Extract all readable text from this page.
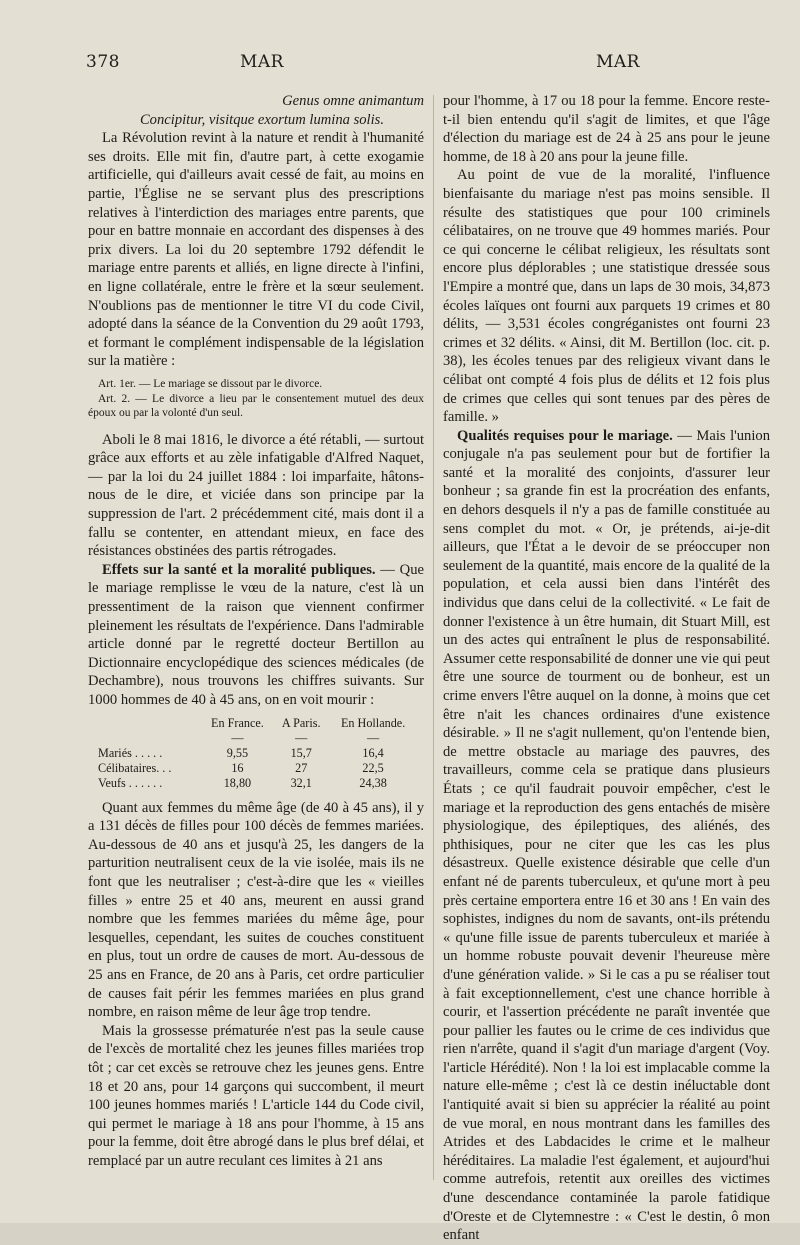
378	MAR	MAR

Genus omne animantum

Concipitur, visitque exortum lumina solis.

La Révolution revint à la nature et rendit à l'humanité ses droits. Elle mit fin, d'autre part, à cette exogamie artificielle, qui d'ailleurs avait cessé de fait, au moins en partie, l'Église ne se servant plus des prescriptions relatives à l'interdiction des mariages entre parents, que pour en battre monnaie en accordant des dispenses à des prix divers. La loi du 20 septembre 1792 défendit le mariage entre parents et alliés, en ligne directe à l'infini, en ligne collatérale, entre le frère et la sœur seulement. N'oublions pas de mentionner le titre VI du code Civil, adopté dans la séance de la Convention du 29 août 1793, et formant le complément indispensable de la législation sur la matière :

Art. 1er. — Le mariage se dissout par le divorce.

Art. 2. — Le divorce a lieu par le consentement mutuel des deux époux ou par la volonté d'un seul.

Aboli le 8 mai 1816, le divorce a été rétabli, — surtout grâce aux efforts et au zèle infatigable d'Alfred Naquet, — par la loi du 24 juillet 1884 : loi imparfaite, hâtons-nous de le dire, et viciée dans son principe par la suppression de l'art. 2 précédemment cité, mais dont il a fallu se contenter, en attendant mieux, en face des résistances obstinées des partis rétrogades.

Effets sur la santé et la moralité publiques. — Que le mariage remplisse le vœu de la nature, c'est là un pressentiment de la raison que viennent confirmer pleinement les résultats de l'expérience. Dans l'admirable article donné par le regretté docteur Bertillon au Dictionnaire encyclopédique des sciences médicales (de Dechambre), nous trouvons les chiffres suivants. Sur 1000 hommes de 40 à 45 ans, on en voit mourir :

	En France.	A Paris.	En Hollande.
	—	—	—
Mariés . . . . .	9,55	15,7	16,4
Célibataires. . .	16	27	22,5
Veufs . . . . . .	18,80	32,1	24,38

Quant aux femmes du même âge (de 40 à 45 ans), il y a 131 décès de filles pour 100 décès de femmes mariées. Au-dessous de 40 ans et jusqu'à 25, les dangers de la parturition neutralisent ceux de la vie isolée, mais ils ne font que les neutraliser ; c'est-à-dire que les « vieilles filles » entre 25 et 40 ans, meurent en aussi grand nombre que les femmes mariées du même âge, pour lesquelles, cependant, les suites de couches constituent en plus, tout un ordre de causes de mort. Au-dessous de 25 ans en France, de 20 ans à Paris, cet ordre particulier de causes fait périr les femmes mariées en plus grand nombre, en raison même de leur âge trop tendre.

Mais la grossesse prématurée n'est pas la seule cause de l'excès de mortalité chez les jeunes filles mariées trop tôt ; car cet excès se retrouve chez les jeunes gens. Entre 18 et 20 ans, pour 14 garçons qui succombent, il meurt 100 jeunes hommes mariés ! L'article 144 du Code civil, qui permet le mariage à 18 ans pour l'homme, à 15 ans pour la femme, doit être abrogé dans le plus bref délai, et remplacé par un autre reculant ces limites à 21 ans

pour l'homme, à 17 ou 18 pour la femme. Encore reste-t-il bien entendu qu'il s'agit de limites, et que l'âge d'élection du mariage est de 24 à 25 ans pour le jeune homme, de 18 à 20 ans pour la jeune fille.

Au point de vue de la moralité, l'influence bienfaisante du mariage n'est pas moins sensible. Il résulte des statistiques que pour 100 criminels célibataires, on ne trouve que 49 hommes mariés. Pour ce qui concerne le célibat religieux, les résultats sont encore plus déplorables ; une statistique dressée sous l'Empire a montré que, dans un laps de 30 mois, 34,873 écoles laïques ont fourni aux parquets 19 crimes et 80 délits, — 3,531 écoles congréganistes ont fourni 23 crimes et 32 délits. « Ainsi, dit M. Bertillon (loc. cit. p. 38), les écoles tenues par des religieux vivant dans le célibat ont compté 4 fois plus de délits et 12 fois plus de crimes que celles qui sont tenues par des pères de famille. »

Qualités requises pour le mariage. — Mais l'union conjugale n'a pas seulement pour but de fortifier la santé et la moralité des conjoints, d'assurer leur bonheur ; sa grande fin est la procréation des enfants, en dehors desquels il n'y a pas de famille constituée au sens complet du mot. « Or, je prétends, ai-je-dit ailleurs, que l'État a le devoir de se préoccuper non seulement de la quantité, mais encore de la qualité de la population, et cela aussi bien dans l'intérêt des individus que dans celui de la collectivité. « Le fait de donner l'existence à un être humain, dit Stuart Mill, est un des actes qui entraînent le plus de responsabilité. Assumer cette responsabilité de donner une vie qui peut être une source de tourment ou de bonheur, est un crime envers l'être auquel on la donne, à moins que cet être n'ait les chances ordinaires d'une existence désirable. » Il ne s'agit nullement, qu'on l'entende bien, de mettre obstacle au mariage des pauvres, des travailleurs, comme cela se pratique dans plusieurs États ; ce qu'il faudrait pouvoir empêcher, c'est le mariage et la reproduction des gens entachés de misère physiologique, des épileptiques, des aliénés, des phthisiques, pour ne citer que les cas les plus désastreux. Quelle existence désirable que celle d'un enfant né de parents tuberculeux, et qu'une mort à peu près certaine emportera entre 16 et 30 ans ! En vain des sophistes, indignes du nom de savants, ont-ils prétendu « qu'une fille issue de parents tuberculeux et mariée à un homme robuste pouvait devenir l'heureuse mère d'une génération valide. » Si le cas a pu se réaliser tout à fait exceptionnellement, c'est une chance horrible à courir, et l'assertion précédente ne paraît inventée que pour pallier les fautes ou le crime de ces individus que rien n'arrête, quand il s'agit d'un mariage d'argent (Voy. l'article Hérédité). Non ! la loi est implacable comme la nature elle-même ; c'est là ce destin inéluctable dont l'antiquité avait si bien su apprécier la réalité au point de vue moral, en nous montrant dans les familles des Atrides et des Labdacides le crime et le malheur héréditaires. La maladie l'est également, et aujourd'hui comme autrefois, retentit aux oreilles des victimes d'une descendance contaminée la parole fatidique d'Oreste et de Clytemnestre : « C'est le destin, ô mon enfant
